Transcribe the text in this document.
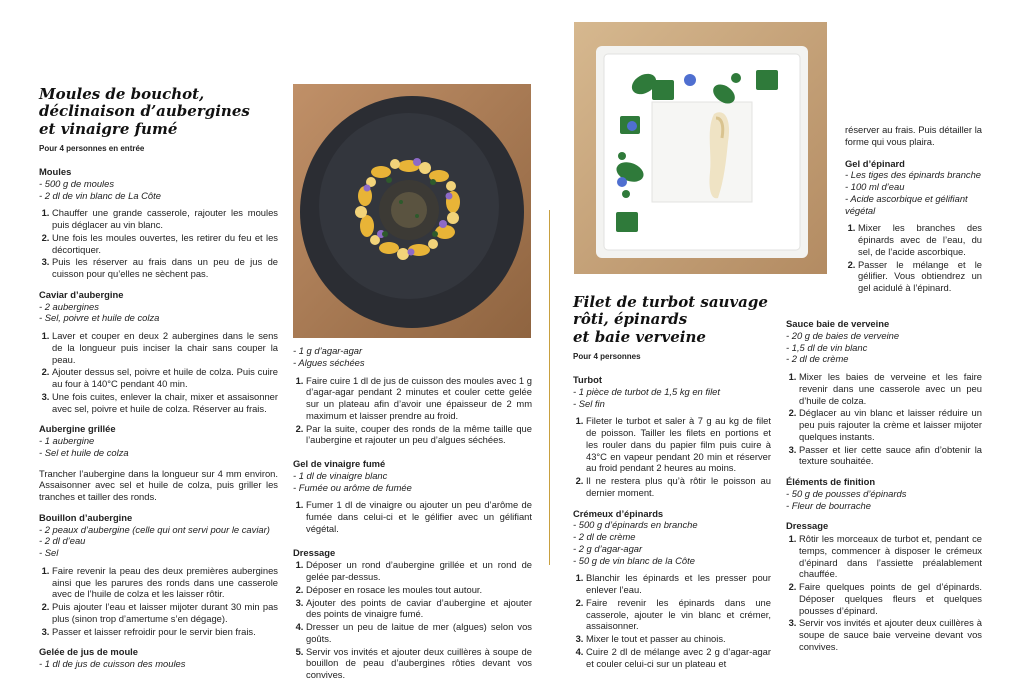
Moules de bouchot,
déclinaison d’aubergines
et vinaigre fumé
Pour 4 personnes en entrée
Moules
- 500 g de moules
- 2 dl de vin blanc de La Côte
1. Chauffer une grande casserole, rajouter les moules puis déglacer au vin blanc.
2. Une fois les moules ouvertes, les retirer du feu et les décortiquer.
3. Puis les réserver au frais dans un peu de jus de cuisson pour qu’elles ne sèchent pas.
Caviar d’aubergine
- 2 aubergines
- Sel, poivre et huile de colza
1. Laver et couper en deux 2 aubergines dans le sens de la longueur puis inciser la chair sans couper la peau.
2. Ajouter dessus sel, poivre et huile de colza. Puis cuire au four à 140°C pendant 40 min.
3. Une fois cuites, enlever la chair, mixer et assaisonner avec sel, poivre et huile de colza. Réserver au frais.
Aubergine grillée
- 1 aubergine
- Sel et huile de colza

Trancher l’aubergine dans la longueur sur 4 mm environ. Assaisonner avec sel et huile de colza, puis griller les tranches et tailler des ronds.

Bouillon d’aubergine
- 2 peaux d’aubergine (celle qui ont servi pour le caviar)
- 2 dl d’eau
- Sel
1. Faire revenir la peau des deux premières aubergines ainsi que les parures des ronds dans une casserole avec de l’huile de colza et les laisser rôtir.
2. Puis ajouter l’eau et laisser mijoter durant 30 min pas plus (sinon trop d’amertume s’en dégage).
3. Passer et laisser refroidir pour le servir bien frais.
Gelée de jus de moule
- 1 dl de jus de cuisson des moules
- 1 g d’agar-agar
- Algues séchées
1. Faire cuire 1 dl de jus de cuisson des moules avec 1 g d’agar-agar pendant 2 minutes et couler cette gelée sur un plateau afin d’avoir une épaisseur de 2 mm maximum et laisser prendre au froid.
2. Par la suite, couper des ronds de la même taille que l’aubergine et rajouter un peu d’algues séchées.
Gel de vinaigre fumé
- 1 dl de vinaigre blanc
- Fumée ou arôme de fumée
1. Fumer 1 dl de vinaigre ou ajouter un peu d’arôme de fumée dans celui-ci et le gélifier avec un gélifiant végétal.
Dressage
1. Déposer un rond d’aubergine grillée et un rond de gelée par-dessus.
2. Déposer en rosace les moules tout autour.
3. Ajouter des points de caviar d’aubergine et ajouter des points de vinaigre fumé.
4. Dresser un peu de laitue de mer (algues) selon vos goûts.
5. Servir vos invités et ajouter deux cuillères à soupe de bouillon de peau d’aubergines rôties devant vos convives.
Filet de turbot sauvage
rôti, épinards
et baie verveine
Pour 4 personnes
Turbot
- 1 pièce de turbot de 1,5 kg en filet
- Sel fin
1. Fileter le turbot et saler à 7 g au kg de filet de poisson. Tailler les filets en portions et les rouler dans du papier film puis cuire à 43°C en vapeur pendant 20 min et réserver au froid pendant 2 heures au moins.
2. Il ne restera plus qu’à rôtir le poisson au dernier moment.
Crémeux d’épinards
- 500 g d’épinards en branche
- 2 dl de crème
- 2 g d’agar-agar
- 50 g de vin blanc de la Côte
1. Blanchir les épinards et les presser pour enlever l’eau.
2. Faire revenir les épinards dans une casserole, ajouter le vin blanc et crémer, assaisonner.
3. Mixer le tout et passer au chinois.
4. Cuire 2 dl de mélange avec 2 g d’agar-agar et couler celui-ci sur un plateau et

réserver au frais. Puis détailler la forme qui vous plaira.

Gel d’épinard
- Les tiges des épinards branche
- 100 ml d’eau
- Acide ascorbique et gélifiant végétal
1. Mixer les branches des épinards avec de l’eau, du sel, de l’acide ascorbique.
2. Passer le mélange et le gélifier. Vous obtiendrez un gel acidulé à l’épinard.
Sauce baie de verveine
- 20 g de baies de verveine
- 1,5 dl de vin blanc
- 2 dl de crème
1. Mixer les baies de verveine et les faire revenir dans une casserole avec un peu d’huile de colza.
2. Déglacer au vin blanc et laisser réduire un peu puis rajouter la crème et laisser mijoter quelques instants.
3. Passer et lier cette sauce afin d’obtenir la texture souhaitée.
Éléments de finition
- 50 g de pousses d’épinards
- Fleur de bourrache
Dressage
1. Rôtir les morceaux de turbot et, pendant ce temps, commencer à disposer le crémeux d’épinard dans l’assiette préalablement chauffée.
2. Faire quelques points de gel d’épinards. Déposer quelques fleurs et quelques pousses d’épinard.
3. Servir vos invités et ajouter deux cuillères à soupe de sauce baie verveine devant vos convives.
